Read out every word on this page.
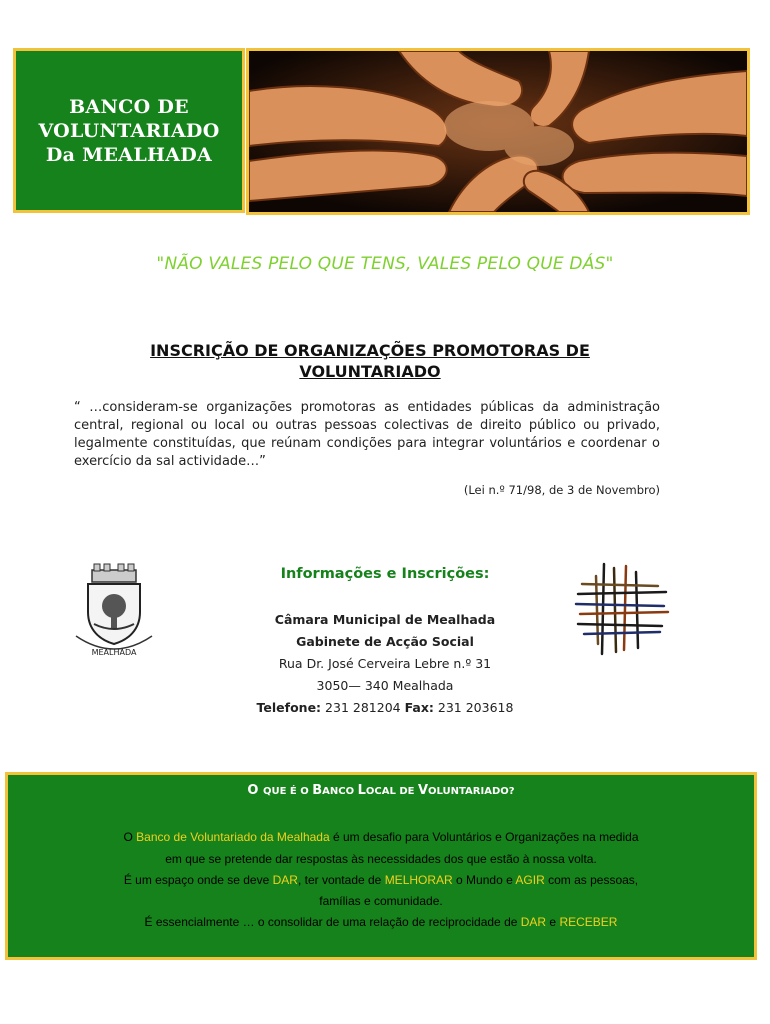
BANCO DE
VOLUNTARIADO
Da MEALHADA
"NÃO VALES PELO QUE TENS, VALES PELO QUE DÁS"
INSCRIÇÃO DE ORGANIZAÇÕES PROMOTORAS DE
VOLUNTARIADO
“ …consideram-se organizações promotoras as entidades públicas da administração central, regional ou local ou outras pessoas colectivas de direito público ou privado, legalmente constituídas, que reúnam condições para integrar voluntários e coordenar o exercício da sal actividade…”
(Lei n.º 71/98, de 3 de Novembro)
MEALHADA
Informações e Inscrições:
Câmara Municipal de Mealhada
Gabinete de Acção Social
Rua Dr. José Cerveira Lebre n.º 31
3050— 340 Mealhada
Telefone: 231 281204 Fax: 231 203618
O QUE É O BANCO LOCAL DE VOLUNTARIADO?
O Banco de Voluntariado da Mealhada é um desafio para Voluntários e Organizações na medida
em que se pretende dar respostas às necessidades dos que estão à nossa volta.
É um espaço onde se deve DAR, ter vontade de MELHORAR o Mundo e AGIR com as pessoas,
famílias e comunidade.
É essencialmente … o consolidar de uma relação de reciprocidade de DAR e RECEBER
